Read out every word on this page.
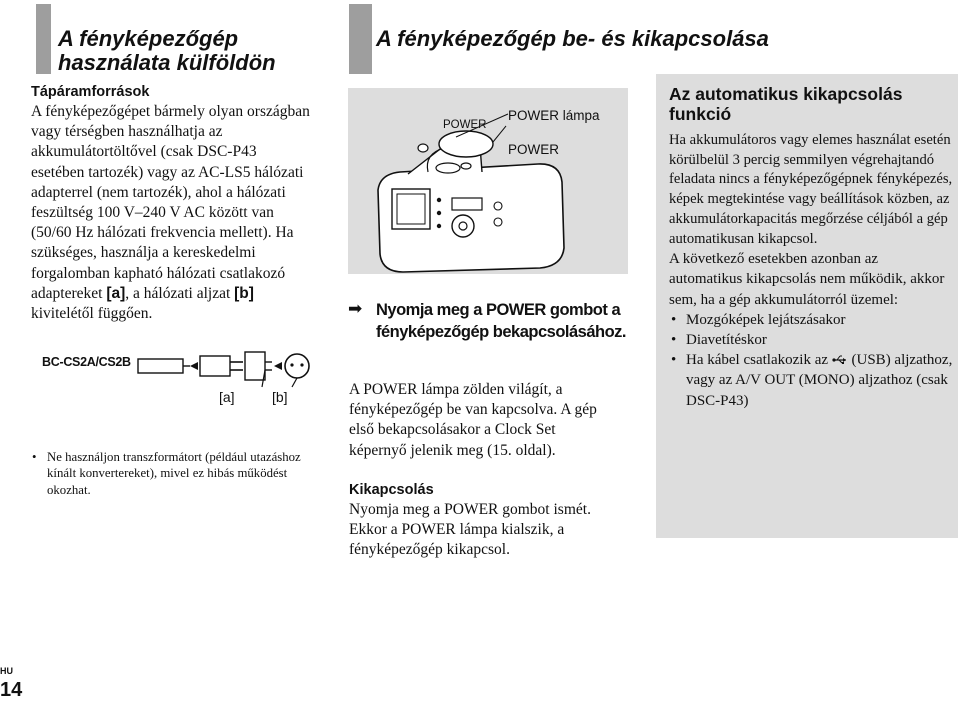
A fényképezőgép használata külföldön
Tápáramforrások
A fényképezőgépet bármely olyan országban vagy térségben használhatja az akkumulátortöltővel (csak DSC-P43 esetében tartozék) vagy az AC-LS5 hálózati adapterrel (nem tartozék), ahol a hálózati feszültség 100 V–240 V AC között van (50/60 Hz hálózati frekvencia mellett). Ha szükséges, használja a kereskedelmi forgalomban kapható hálózati csatlakozó adaptereket [a], a hálózati aljzat [b] kivitelétől függően.
BC-CS2A/CS2B
[a]	[b]
• Ne használjon transzformátort (például utazáshoz kínált konvertereket), mivel ez hibás működést okozhat.
A fényképezőgép be- és kikapcsolása
POWER
POWER lámpa
POWER
➡ Nyomja meg a POWER gombot a fényképezőgép bekapcsolásához.
A POWER lámpa zölden világít, a fényképezőgép be van kapcsolva. A gép első bekapcsolásakor a Clock Set képernyő jelenik meg (15. oldal).
Kikapcsolás
Nyomja meg a POWER gombot ismét. Ekkor a POWER lámpa kialszik, a fényképezőgép kikapcsol.
Az automatikus kikapcsolás funkció
Ha akkumulátoros vagy elemes használat esetén körülbelül 3 percig semmilyen végrehajtandó feladata nincs a fényképezőgépnek fényképezés, képek megtekintése vagy beállítások közben, az akkumulátorkapacitás megőrzése céljából a gép automatikusan kikapcsol.
A következő esetekben azonban az automatikus kikapcsolás nem működik, akkor sem, ha a gép akkumulátorról üzemel:
• Mozgóképek lejátszásakor
• Diavetítéskor
• Ha kábel csatlakozik az  (USB) aljzathoz, vagy az A/V OUT (MONO) aljzathoz (csak DSC-P43)
HU
14
